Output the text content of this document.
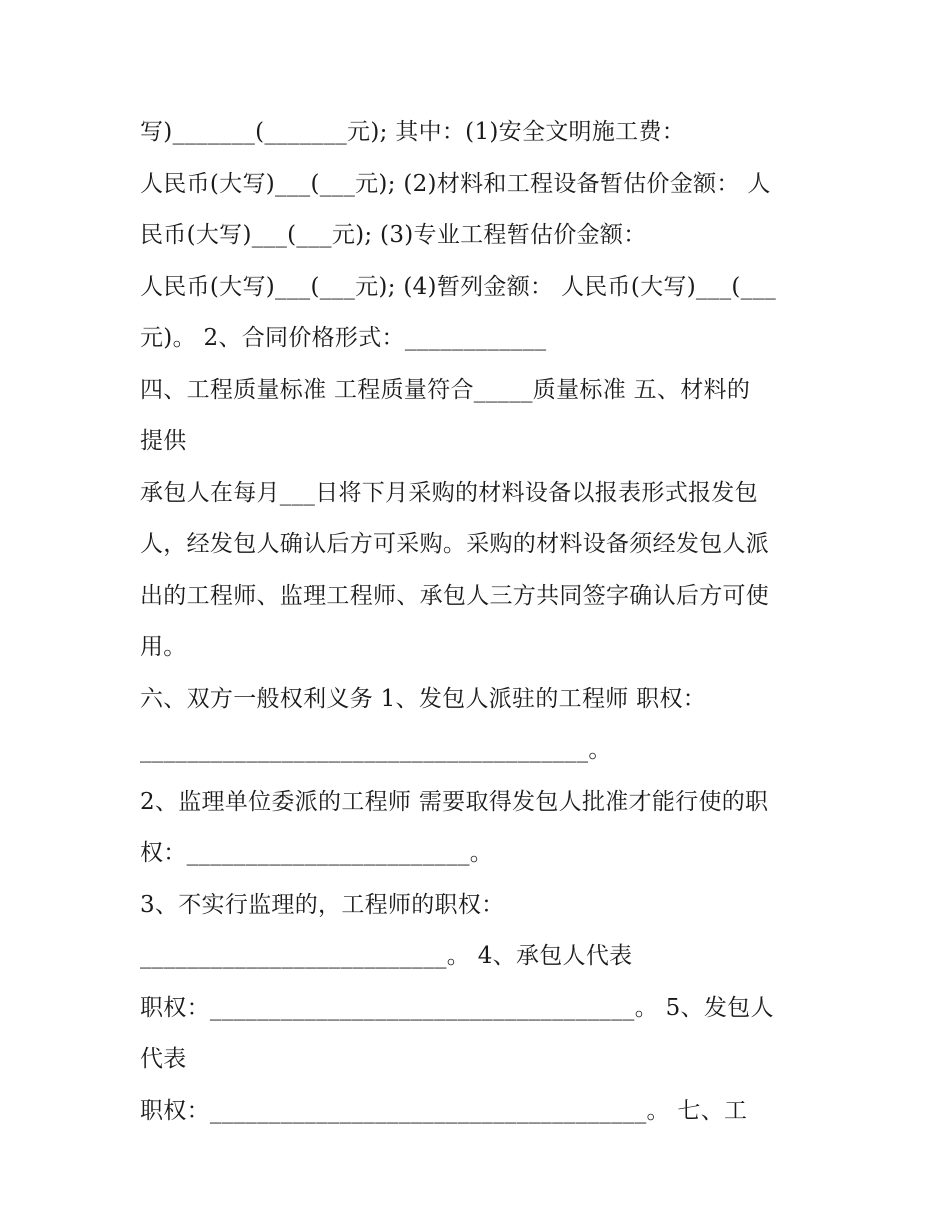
写)_______(_______元); 其中：(1)安全文明施工费：
人民币(大写)___(___元); (2)材料和工程设备暂估价金额： 人
民币(大写)___(___元); (3)专业工程暂估价金额：
人民币(大写)___(___元); (4)暂列金额： 人民币(大写)___(___
元)。 2、合同价格形式：____________
四、工程质量标准 工程质量符合_____质量标准 五、材料的
提供
承包人在每月___日将下月采购的材料设备以报表形式报发包
人，经发包人确认后方可采购。采购的材料设备须经发包人派
出的工程师、监理工程师、承包人三方共同签字确认后方可使
用。
六、双方一般权利义务 1、发包人派驻的工程师 职权：
______________________________________。
2、监理单位委派的工程师 需要取得发包人批准才能行使的职
权：________________________。
3、不实行监理的，工程师的职权：
__________________________。 4、承包人代表
职权：____________________________________。 5、发包人
代表
职权：_____________________________________。 七、工
